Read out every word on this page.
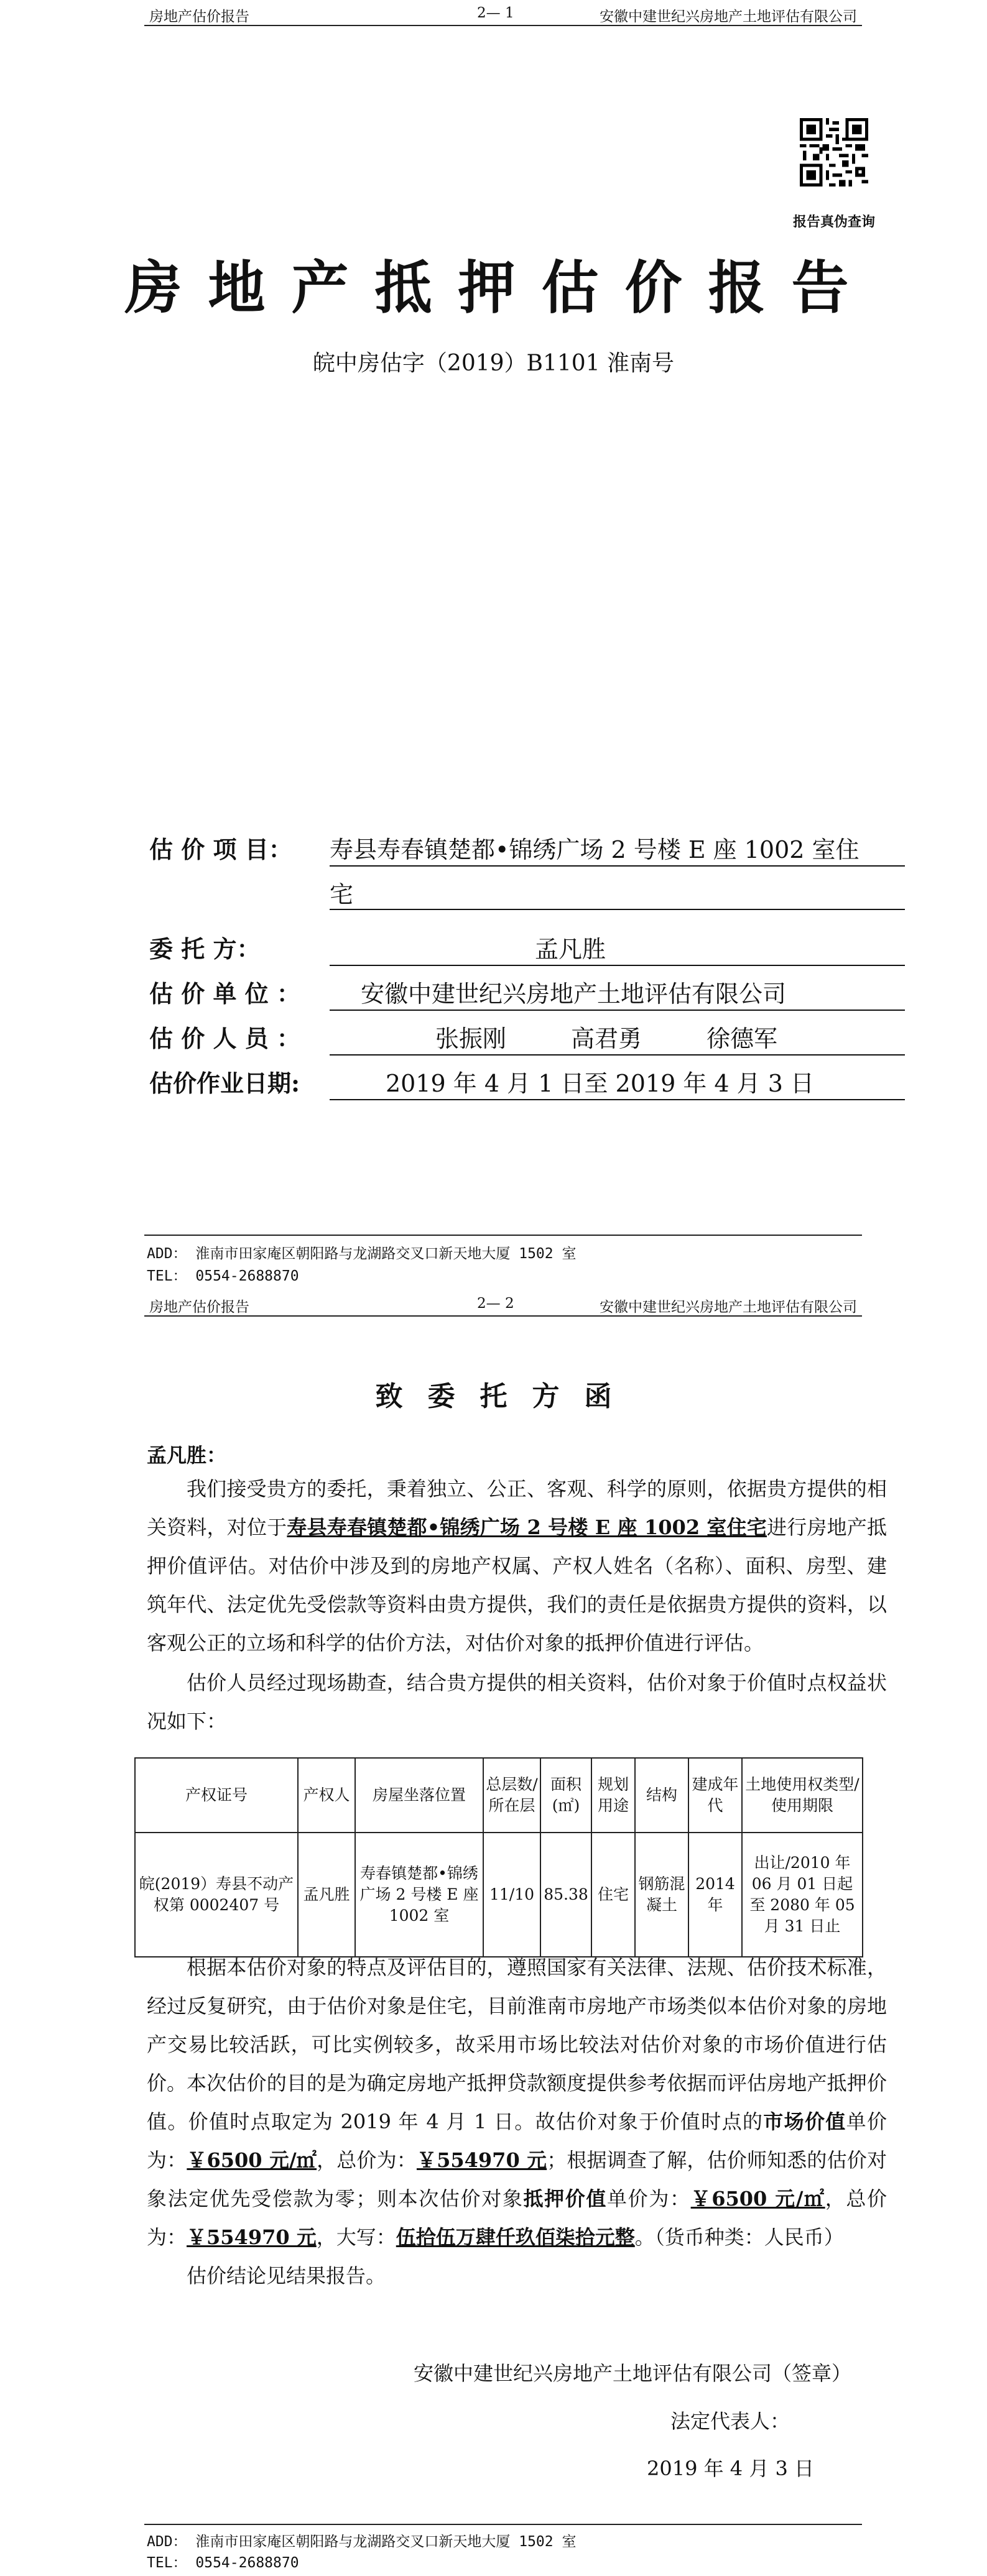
房地产估价报告	2— 1	安徽中建世纪兴房地产土地评估有限公司
报告真伪查询
房地产抵押估价报告
皖中房估字（2019）B1101 淮南号
估 价 项 目： 寿县寿春镇楚都•锦绣广场 2 号楼 E 座 1002 室住
宅
委 托 方：	孟凡胜
估 价 单 位 ：	安徽中建世纪兴房地产土地评估有限公司
估 价 人 员 ：	张振刚	高君勇	徐德军
估价作业日期:	2019 年 4 月 1 日至 2019 年 4 月 3 日
ADD： 淮南市田家庵区朝阳路与龙湖路交叉口新天地大厦 1502 室
TEL： 0554-2688870
房地产估价报告	2— 2	安徽中建世纪兴房地产土地评估有限公司
致委托方函
孟凡胜：
我们接受贵方的委托，秉着独立、公正、客观、科学的原则，依据贵方提供的相关资料，对位于寿县寿春镇楚都•锦绣广场 2 号楼 E 座 1002 室住宅进行房地产抵押价值评估。对估价中涉及到的房地产权属、产权人姓名（名称）、面积、房型、建筑年代、法定优先受偿款等资料由贵方提供，我们的责任是依据贵方提供的资料，以客观公正的立场和科学的估价方法，对估价对象的抵押价值进行评估。
估价人员经过现场勘查，结合贵方提供的相关资料，估价对象于价值时点权益状况如下：
产权证号	产权人	房屋坐落位置	总层数/所在层	面积(㎡)	规划用途	结构	建成年代	土地使用权类型/使用期限
皖(2019）寿县不动产权第 0002407 号	孟凡胜	寿春镇楚都•锦绣广场 2 号楼 E 座 1002 室	11/10	85.38	住宅	钢筋混凝土	2014 年	出让/2010 年 06 月 01 日起至 2080 年 05 月 31 日止
根据本估价对象的特点及评估目的，遵照国家有关法律、法规、估价技术标准，经过反复研究，由于估价对象是住宅，目前淮南市房地产市场类似本估价对象的房地产交易比较活跃，可比实例较多，故采用市场比较法对估价对象的市场价值进行估价。 本次估价的目的是为确定房地产抵押贷款额度提供参考依据而评估房地产抵押价值。价值时点取定为 2019 年 4 月 1 日。故估价对象于价值时点的市场价值单价为：￥6500 元/㎡，总价为：￥554970 元；根据调查了解，估价师知悉的估价对象法定优先受偿款为零；则本次估价对象抵押价值单价为：￥6500 元/㎡，总价为：￥554970 元，大写：伍拾伍万肆仟玖佰柒拾元整。（货币种类：人民币）
估价结论见结果报告。
安徽中建世纪兴房地产土地评估有限公司（签章）
法定代表人：
2019 年 4 月 3 日
ADD： 淮南市田家庵区朝阳路与龙湖路交叉口新天地大厦 1502 室
TEL： 0554-2688870
